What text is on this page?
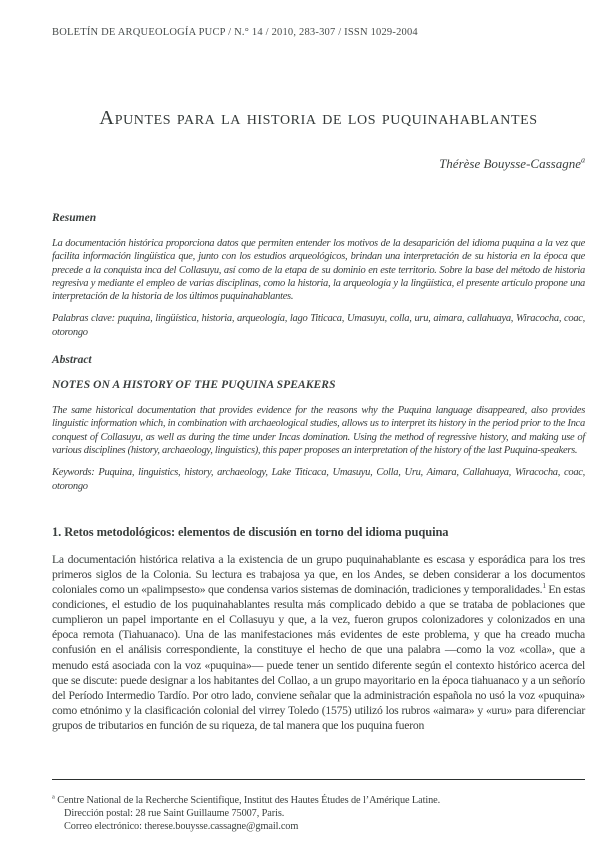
BOLETÍN DE ARQUEOLOGÍA PUCP / N.° 14 / 2010, 283-307 / ISSN 1029-2004
Apuntes para la historia de los puquinahablantes
Thérèse Bouysse-Cassagne$^a$
Resumen

La documentación histórica proporciona datos que permiten entender los motivos de la desaparición del idioma puquina a la vez que facilita información lingüística que, junto con los estudios arqueológicos, brindan una interpretación de su historia en la época que precede a la conquista inca del Collasuyu, así como de la etapa de su dominio en este territorio. Sobre la base del método de historia regresiva y mediante el empleo de varias disciplinas, como la historia, la arqueología y la lingüística, el presente artículo propone una interpretación de la historia de los últimos puquinahablantes.

Palabras clave: puquina, lingüística, historia, arqueología, lago Titicaca, Umasuyu, colla, uru, aimara, callahuaya, Wiracocha, coac, otorongo

Abstract

NOTES ON A HISTORY OF THE PUQUINA SPEAKERS

The same historical documentation that provides evidence for the reasons why the Puquina language disappeared, also provides linguistic information which, in combination with archaeological studies, allows us to interpret its history in the period prior to the Inca conquest of Collasuyu, as well as during the time under Incas domination. Using the method of regressive history, and making use of various disciplines (history, archaeology, linguistics), this paper proposes an interpretation of the history of the last Puquina-speakers.

Keywords: Puquina, linguistics, history, archaeology, Lake Titicaca, Umasuyu, Colla, Uru, Aimara, Callahuaya, Wiracocha, coac, otorongo

1. Retos metodológicos: elementos de discusión en torno del idioma puquina

La documentación histórica relativa a la existencia de un grupo puquinahablante es escasa y esporádica para los tres primeros siglos de la Colonia. Su lectura es trabajosa ya que, en los Andes, se deben considerar a los documentos coloniales como un «palimpsesto» que condensa varios sistemas de dominación, tradiciones y temporalidades.$^1$ En estas condiciones, el estudio de los puquinahablantes resulta más complicado debido a que se trataba de poblaciones que cumplieron un papel importante en el Collasuyu y que, a la vez, fueron grupos colonizadores y colonizados en una época remota (Tiahuanaco). Una de las manifestaciones más evidentes de este problema, y que ha creado mucha confusión en el análisis correspondiente, la constituye el hecho de que una palabra —como la voz «colla», que a menudo está asociada con la voz «puquina»— puede tener un sentido diferente según el contexto histórico acerca del que se discute: puede designar a los habitantes del Collao, a un grupo mayoritario en la época tiahuanaco y a un señorío del Período Intermedio Tardío. Por otro lado, conviene señalar que la administración española no usó la voz «puquina» como etnónimo y la clasificación colonial del virrey Toledo (1575) utilizó los rubros «aimara» y «uru» para diferenciar grupos de tributarios en función de su riqueza, de tal manera que los puquina fueron

$^a$ Centre National de la Recherche Scientifique, Institut des Hautes Études de l’Amérique Latine.
Dirección postal: 28 rue Saint Guillaume 75007, Paris.
Correo electrónico: therese.bouysse.cassagne@gmail.com
